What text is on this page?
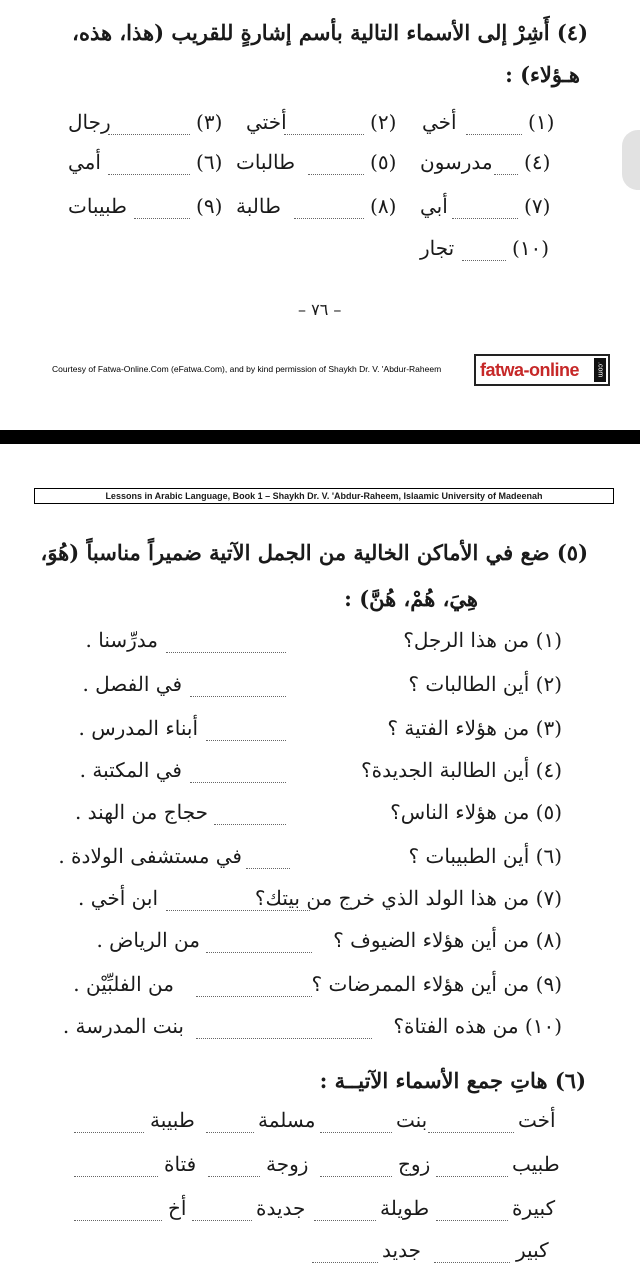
(٤) أَشِرْ إلى الأسماء التالية بأسم إشارةٍ للقريب (هذا، هذه،
هـؤلاء) :
(١)
أخي
(٢)
أختي
(٣)
رجال
(٤)
مدرسون
(٥)
طالبات
(٦)
أمي
(٧)
أبي
(٨)
طالبة
(٩)
طبيبات
(١٠)
تجار
– ٧٦ –
Courtesy of Fatwa-Online.Com (eFatwa.Com), and by kind permission of Shaykh Dr. V. 'Abdur-Raheem fatwa-online	.com
Lessons in Arabic Language, Book 1 – Shaykh Dr. V. 'Abdur-Raheem, Islaamic University of Madeenah
(٥) ضع في الأماكن الخالية من الجمل الآتية ضميراً مناسباً (هُوَ،
هِيَ، هُمْ، هُنَّ) :
(١) من هذا الرجل؟
مدرِّسنا .
(٢) أين الطالبات ؟
في الفصل .
(٣) من هؤلاء الفتية ؟
أبناء المدرس .
(٤) أين الطالبة الجديدة؟
في المكتبة .
(٥) من هؤلاء الناس؟
حجاج من الهند .
(٦) أين الطبيبات ؟
في مستشفى الولادة .
(٧) من هذا الولد الذي خرج من بيتك؟
ابن أخي .
(٨) من أين هؤلاء الضيوف ؟
من الرياض .
(٩) من أين هؤلاء الممرضات ؟
من الفلبِّيْن .
(١٠) من هذه الفتاة؟
بنت المدرسة .
(٦) هاتِ جمع الأسماء الآتيــة :
أخت
بنت
مسلمة
طبيبة
طبيب
زوج
زوجة
فتاة
كبيرة
طويلة
جديدة
أخ
كبير
جديد
